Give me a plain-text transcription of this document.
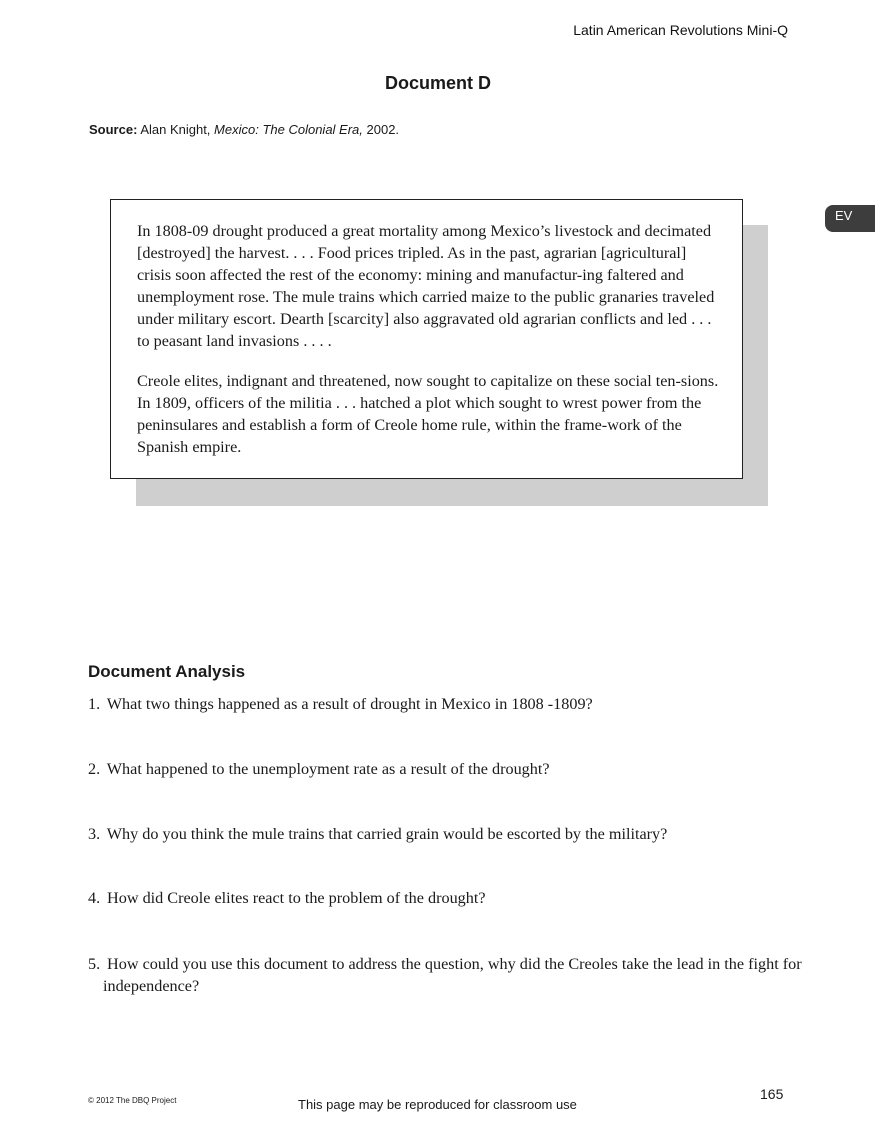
Latin American Revolutions Mini-Q
Document D
Source: Alan Knight, Mexico: The Colonial Era, 2002.
EV

In 1808-09 drought produced a great mortality among Mexico’s livestock and decimated [destroyed] the harvest. . . . Food prices tripled. As in the past, agrarian [agricultural] crisis soon affected the rest of the economy: mining and manufactur-ing faltered and unemployment rose. The mule trains which carried maize to the public granaries traveled under military escort. Dearth [scarcity] also aggravated old agrarian conflicts and led . . . to peasant land invasions . . . .

Creole elites, indignant and threatened, now sought to capitalize on these social ten-sions. In 1809, officers of the militia . . . hatched a plot which sought to wrest power from the peninsulares and establish a form of Creole home rule, within the frame-work of the Spanish empire.

Document Analysis
1. What two things happened as a result of drought in Mexico in 1808 -1809?
2. What happened to the unemployment rate as a result of the drought?
3. Why do you think the mule trains that carried grain would be escorted by the military?
4. How did Creole elites react to the problem of the drought?
5. How could you use this document to address the question, why did the Creoles take the lead in the fight for independence?
© 2012 The DBQ Project	This page may be reproduced for classroom use
165
